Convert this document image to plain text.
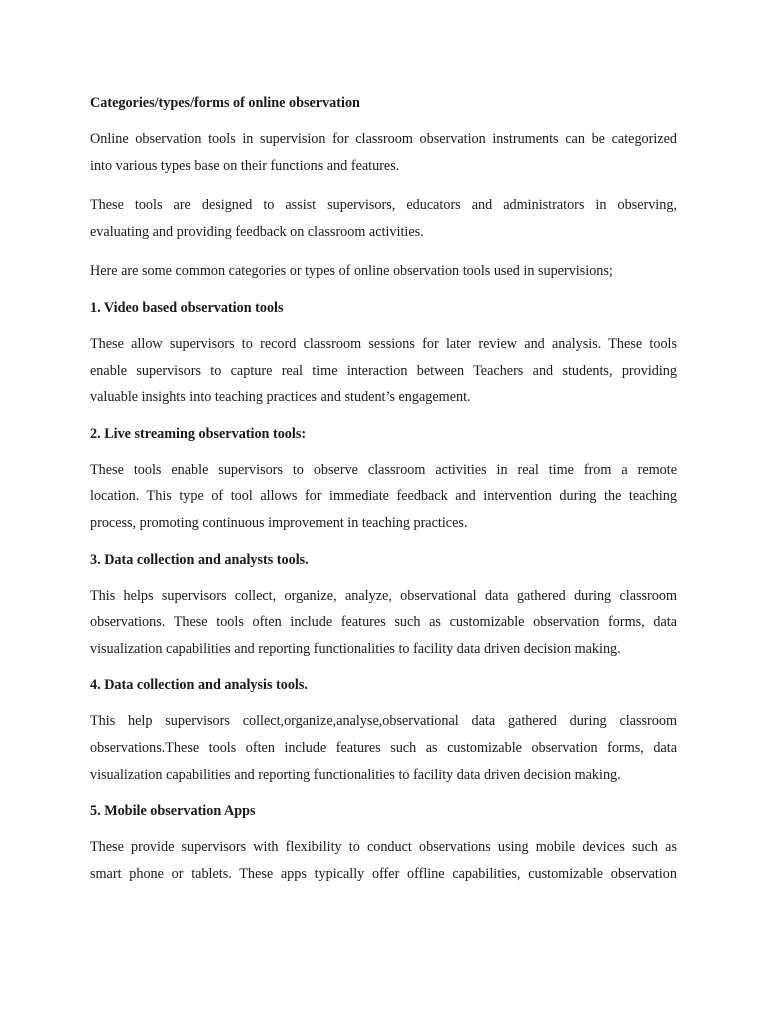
Categories/types/forms of online observation
Online observation tools in supervision for classroom observation instruments can be categorized
into various types base on their functions and features.
These tools are designed to assist supervisors, educators and administrators in observing,
evaluating and providing feedback on classroom activities.
Here are some common categories or types of online observation tools used in supervisions;
1. Video based observation tools
These allow supervisors to record classroom sessions for later review and analysis. These tools
enable supervisors to capture real time interaction between Teachers and students, providing
valuable insights into teaching practices and student’s engagement.
2. Live streaming observation tools:
These tools enable supervisors to observe classroom activities in real time from a remote
location. This type of tool allows for immediate feedback and intervention during the teaching
process, promoting continuous improvement in teaching practices.
3. Data collection and analysts tools.
This helps supervisors collect, organize, analyze, observational data gathered during classroom
observations. These tools often include features such as customizable observation forms, data
visualization capabilities and reporting functionalities to facility data driven decision making.
4. Data collection and analysis tools.
This help supervisors collect,organize,analyse,observational data gathered during classroom
observations.These tools often include features such as customizable observation forms, data
visualization capabilities and reporting functionalities to facility data driven decision making.
5. Mobile observation Apps
These provide supervisors with flexibility to conduct observations using mobile devices such as
smart phone or tablets. These apps typically offer offline capabilities, customizable observation
